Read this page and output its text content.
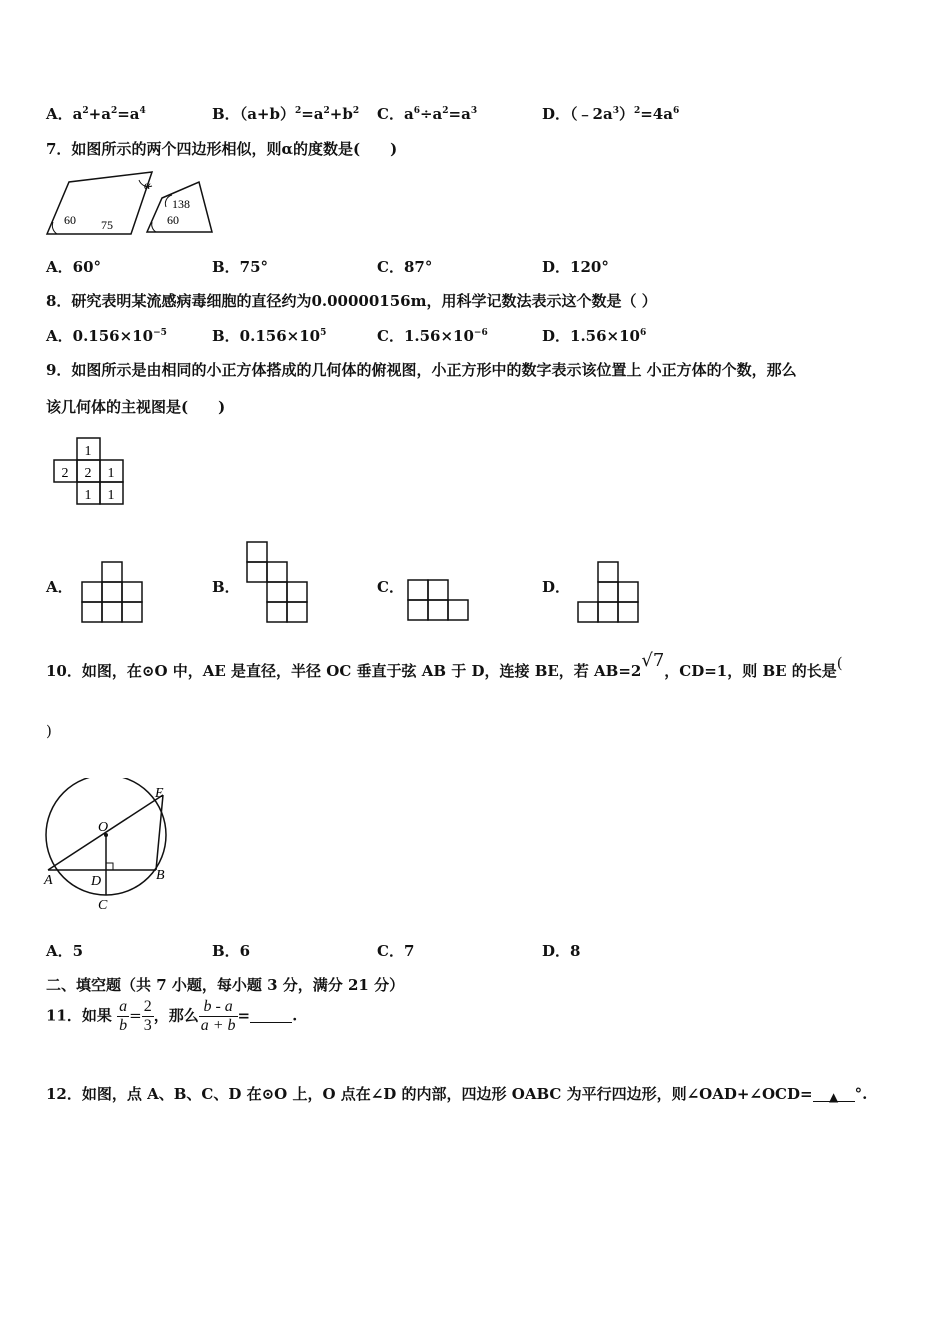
A．$a^2+a^2=a^4$	B．$(a+b)^2=a^2+b^2$ C．$a^6\div a^2=a^3$	D．$(﹣2a^3)^2=4a^6$
7．如图所示的两个四边形相似，则α的度数是(　　)
α
60 75
138
60
A．60°	B．75°	C．87°	D．120°
8．研究表明某流感病毒细胞的直径约为0.00000156m，用科学记数法表示这个数是（ ）
A．$0.156\times 10^{-5}$	B．$0.156\times 10^5$	C．$1.56\times 10^{-6}$	D．$1.56\times 10^6$
9．如图所示是由相同的小正方体搭成的几何体的俯视图，小正方形中的数字表示该位置上 小正方体的个数，那么
该几何体的主视图是(　　)
1
2 2 1
1 1
A．	B．	C．	D．
10．如图，在⊙O 中，AE 是直径，半径 OC 垂直于弦 AB 于 D，连接 BE，若 AB=2√7，CD=1，则 BE 的长是(
)
O
E
A	D	B
C
A．5	B．6	C．7	D．8
二、填空题（共 7 小题，每小题 3 分，满分 21 分）
11．如果 $\frac{a}{b} = \frac{2}{3}$ ，那么 $\frac{b - a}{a + b}$ =	.
12．如图，点 A、B、C、D 在⊙O 上，O 点在∠D 的内部，四边形 OABC 为平行四边形，则∠OAD+∠OCD= ▲ °.
